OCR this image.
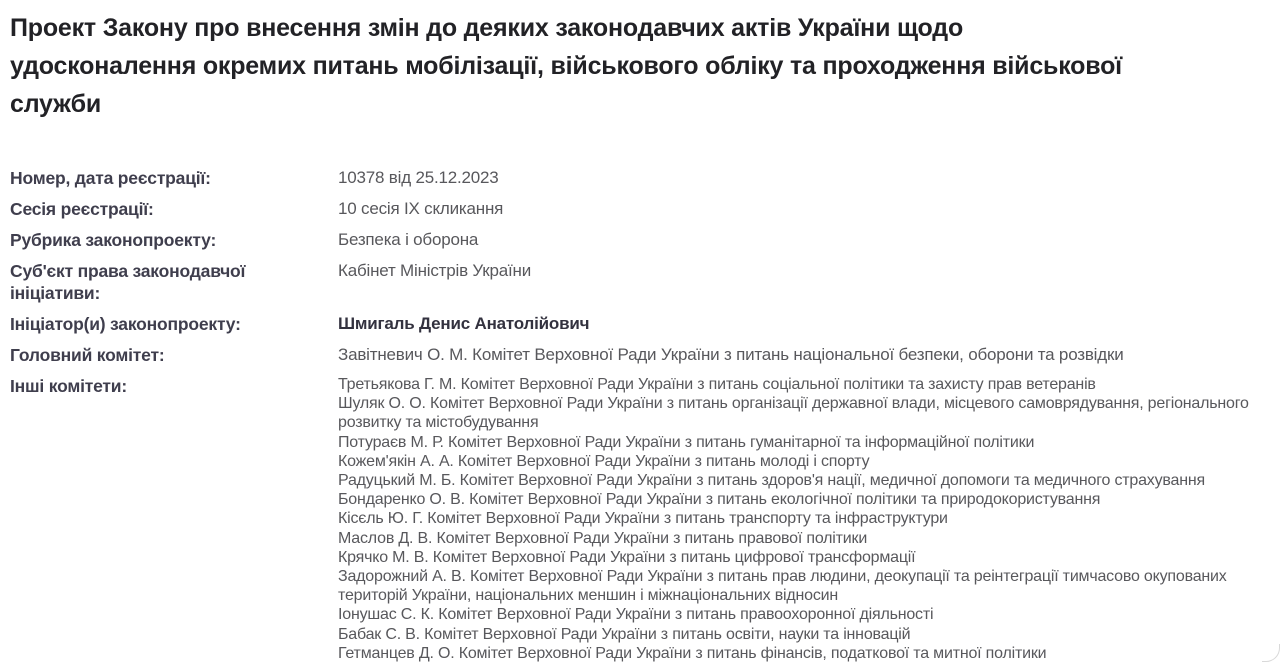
Проект Закону про внесення змін до деяких законодавчих актів України щодо удосконалення окремих питань мобілізації, військового обліку та проходження військової служби
Номер, дата реєстрації:	10378 від 25.12.2023
Сесія реєстрації:	10 сесія IX скликання
Рубрика законопроекту:	Безпека і оборона
Суб'єкт права законодавчої ініціативи:
Кабінет Міністрів України
Ініціатор(и) законопроекту:	Шмигаль Денис Анатолійович
Головний комітет:	Завітневич О. М. Комітет Верховної Ради України з питань національної безпеки, оборони та розвідки
Інші комітети:	Третьякова Г. М. Комітет Верховної Ради України з питань соціальної політики та захисту прав ветеранів
Шуляк О. О. Комітет Верховної Ради України з питань організації державної влади, місцевого самоврядування, регіонального розвитку та містобудування
Потураєв М. Р. Комітет Верховної Ради України з питань гуманітарної та інформаційної політики
Кожем'якін А. А. Комітет Верховної Ради України з питань молоді і спорту
Радуцький М. Б. Комітет Верховної Ради України з питань здоров'я нації, медичної допомоги та медичного страхування
Бондаренко О. В. Комітет Верховної Ради України з питань екологічної політики та природокористування
Кісєль Ю. Г. Комітет Верховної Ради України з питань транспорту та інфраструктури
Маслов Д. В. Комітет Верховної Ради України з питань правової політики
Крячко М. В. Комітет Верховної Ради України з питань цифрової трансформації
Задорожний А. В. Комітет Верховної Ради України з питань прав людини, деокупації та реінтеграції тимчасово окупованих територій України, національних меншин і міжнаціональних відносин
Іонушас С. К. Комітет Верховної Ради України з питань правоохоронної діяльності
Бабак С. В. Комітет Верховної Ради України з питань освіти, науки та інновацій
Гетманцев Д. О. Комітет Верховної Ради України з питань фінансів, податкової та митної політики
